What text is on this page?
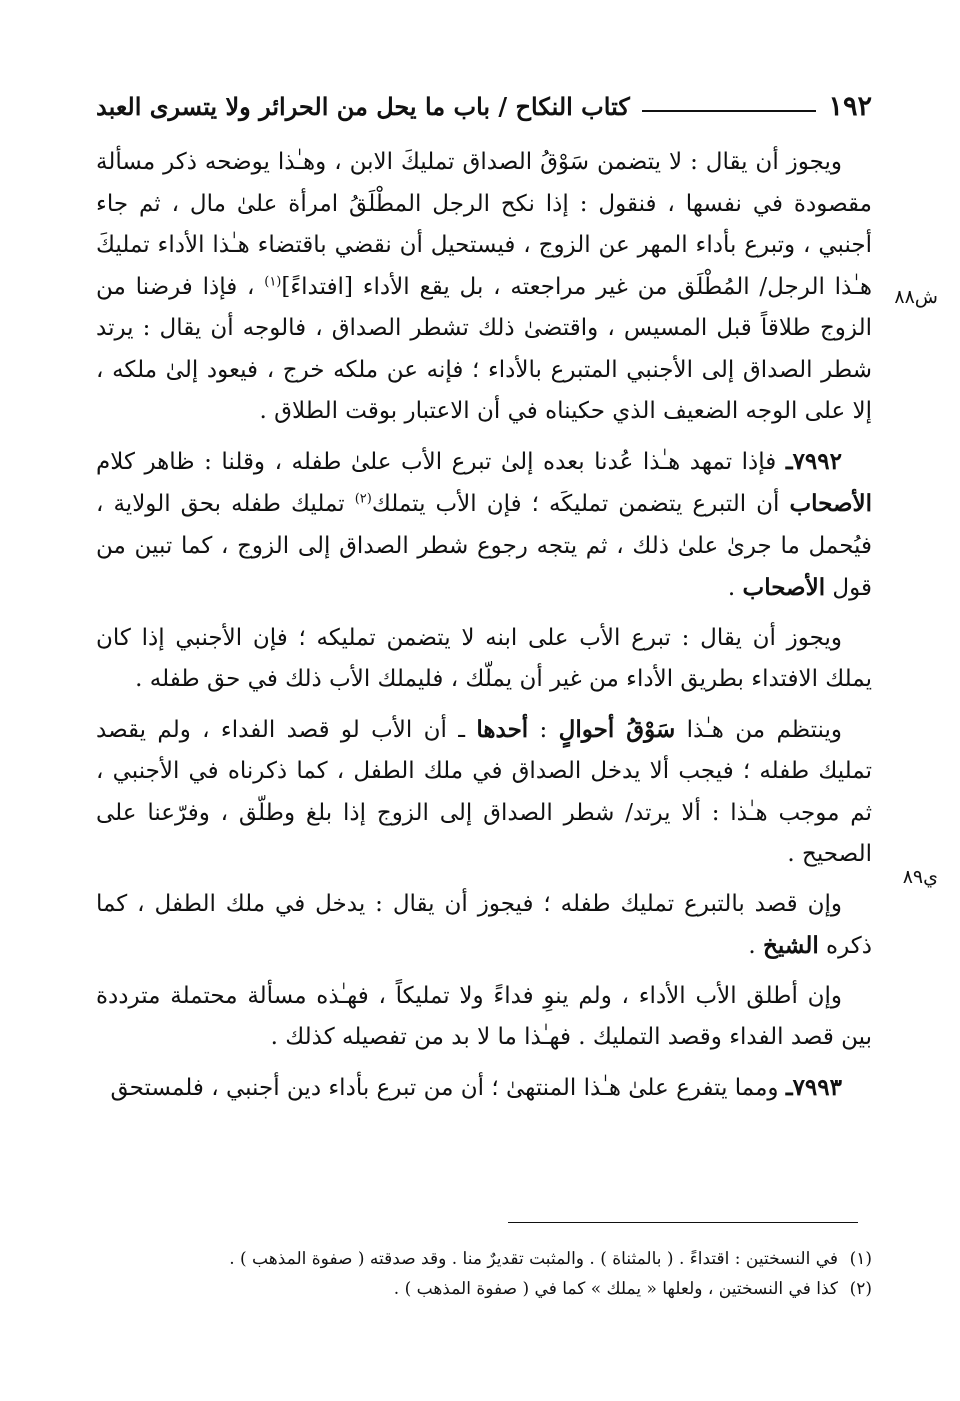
١٩٢
كتاب النكاح / باب ما يحل من الحرائر ولا يتسرى العبد
ش٨٨
ي٨٩

ويجوز أن يقال : لا يتضمن سَوْقُ الصداق تمليكَ الابن ، وهـٰذا يوضحه ذكر مسألة مقصودة في نفسها ، فنقول : إذا نكح الرجل المطْلَقُ امرأة علىٰ مال ، ثم جاء أجنبي ، وتبرع بأداء المهر عن الزوج ، فيستحيل أن نقضي باقتضاء هـٰذا الأداء تمليكَ هـٰذا الرجل/ المُطْلَق من غير مراجعته ، بل يقع الأداء [افتداءً]$^{(١)}$ ، فإذا فرضنا من الزوج طلاقاً قبل المسيس ، واقتضىٰ ذلك تشطر الصداق ، فالوجه أن يقال : يرتد شطر الصداق إلى الأجنبي المتبرع بالأداء ؛ فإنه عن ملكه خرج ، فيعود إلىٰ ملكه ، إلا على الوجه الضعيف الذي حكيناه في أن الاعتبار بوقت الطلاق .

٧٩٩٢ـ فإذا تمهد هـٰذا عُدنا بعده إلىٰ تبرع الأب علىٰ طفله ، وقلنا : ظاهر كلام الأصحاب أن التبرع يتضمن تمليكَه ؛ فإن الأب يتملك$^{(٢)}$ تمليك طفله بحق الولاية ، فيُحمل ما جرىٰ علىٰ ذلك ، ثم يتجه رجوع شطر الصداق إلى الزوج ، كما تبين من قول الأصحاب .

ويجوز أن يقال : تبرع الأب على ابنه لا يتضمن تمليكه ؛ فإن الأجنبي إذا كان يملك الافتداء بطريق الأداء من غير أن يملّك ، فليملك الأب ذلك في حق طفله .

وينتظم من هـٰذا سَوْقُ أحوالٍ : أحدها ـ أن الأب لو قصد الفداء ، ولم يقصد تمليك طفله ؛ فيجب ألا يدخل الصداق في ملك الطفل ، كما ذكرناه في الأجنبي ، ثم موجب هـٰذا : ألا يرتد/ شطر الصداق إلى الزوج إذا بلغ وطلّق ، وفرّعنا على الصحيح .

وإن قصد بالتبرع تمليك طفله ؛ فيجوز أن يقال : يدخل في ملك الطفل ، كما ذكره الشيخ .

وإن أطلق الأب الأداء ، ولم ينوِ فداءً ولا تمليكاً ، فهـٰذه مسألة محتملة مترددة بين قصد الفداء وقصد التمليك . فهـٰذا ما لا بد من تفصيله كذلك .

٧٩٩٣ـ ومما يتفرع علىٰ هـٰذا المنتهىٰ ؛ أن من تبرع بأداء دين أجنبي ، فلمستحق

(١)في النسختين : اقتداءً . ( بالمثناة ) . والمثبت تقديرٌ منا . وقد صدقته ( صفوة المذهب ) .

(٢)كذا في النسختين ، ولعلها « يملك » كما في ( صفوة المذهب ) .
